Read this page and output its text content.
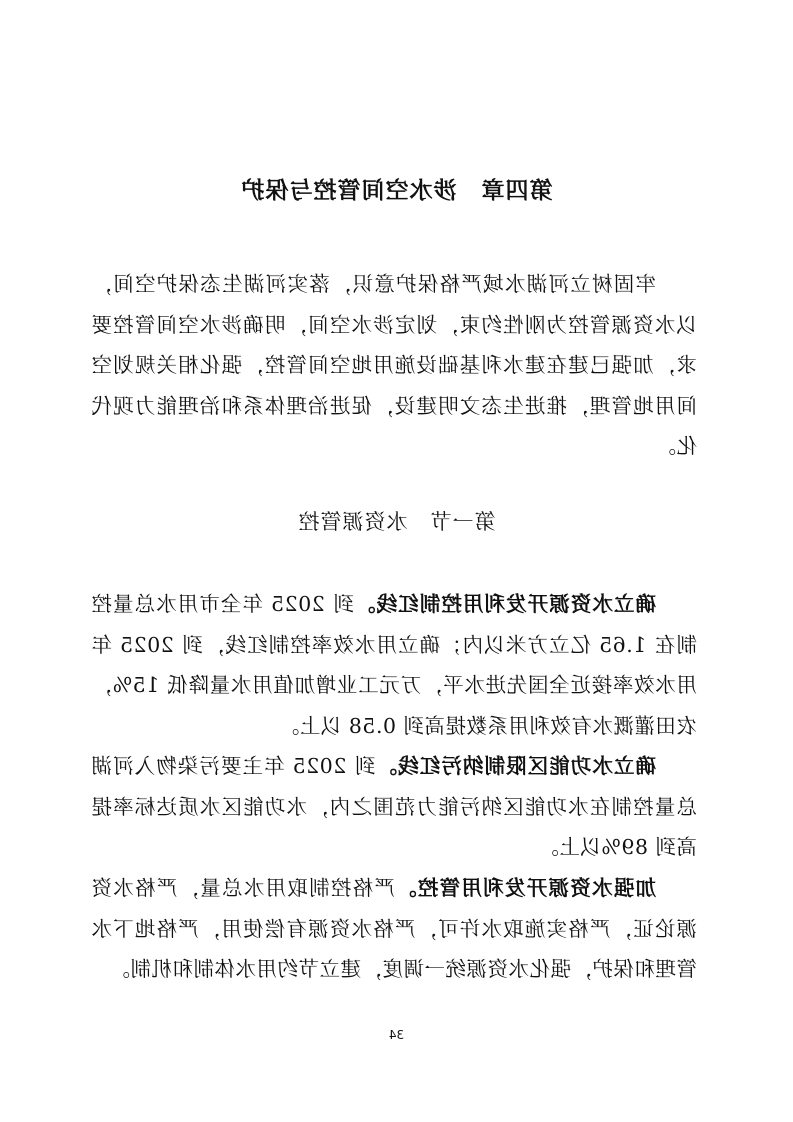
第四章　涉水空间管控与保护

牢固树立河湖水域严格保护意识，落实河湖生态保护空间，以水资源管控为刚性约束，划定涉水空间，明确涉水空间管控要求，加强已建在建水利基础设施用地空间管控，强化相关规划空间用地管理，推进生态文明建设，促进治理体系和治理能力现代化。

第一节　水资源管控

确立水资源开发利用控制红线。到 2025 年全市用水总量控制在 1.65 亿立方米以内；确立用水效率控制红线，到 2025 年用水效率接近全国先进水平，万元工业增加值用水量降低 15%，农田灌溉水有效利用系数提高到 0.58 以上。

确立水功能区限制纳污红线。到 2025 年主要污染物入河湖总量控制在水功能区纳污能力范围之内，水功能区水质达标率提高到 89%以上。

加强水资源开发利用管控。严格控制取用水总量，严格水资源论证，严格实施取水许可，严格水资源有偿使用，严格地下水管理和保护，强化水资源统一调度，建立节约用水体制和机制。

34
